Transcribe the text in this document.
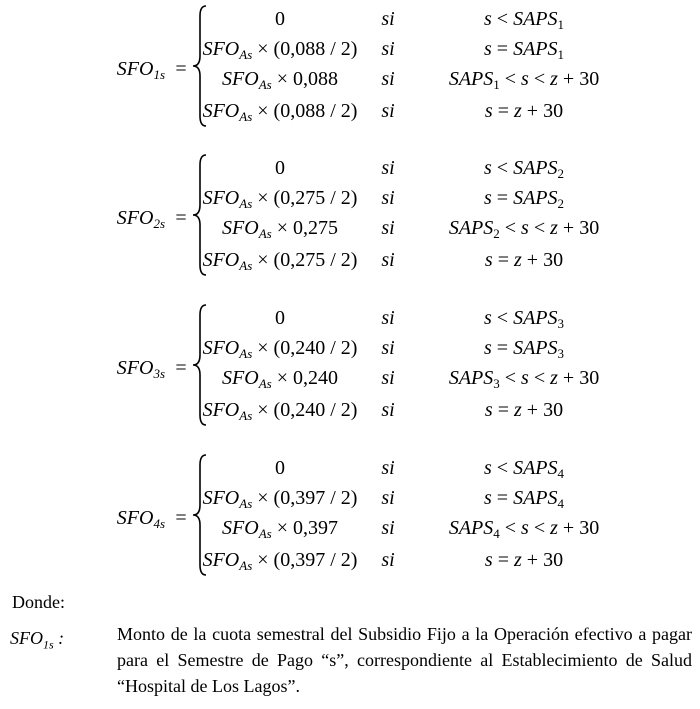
SFO1s =
0	si	s < SAPS1
SFOAs × (0,088 / 2) si	s = SAPS1
SFOAs × 0,088 si	SAPS1 < s < z + 30
SFOAs × (0,088 / 2) si	s = z + 30
SFO2s =
0	si	s < SAPS2
SFOAs × (0,275 / 2) si	s = SAPS2
SFOAs × 0,275 si	SAPS2 < s < z + 30
SFOAs × (0,275 / 2) si	s = z + 30
SFO3s =
0	si	s < SAPS3
SFOAs × (0,240 / 2) si	s = SAPS3
SFOAs × 0,240 si	SAPS3 < s < z + 30
SFOAs × (0,240 / 2) si	s = z + 30
SFO4s =
0	si	s < SAPS4
SFOAs × (0,397 / 2) si	s = SAPS4
SFOAs × 0,397 si	SAPS4 < s < z + 30
SFOAs × (0,397 / 2) si	s = z + 30
Donde:
$SFO_{1s}$ :	Monto de la cuota semestral del Subsidio Fijo a la Operación efectivo a pagar para el Semestre de Pago “s”, correspondiente al Establecimiento de Salud “Hospital de Los Lagos”.
